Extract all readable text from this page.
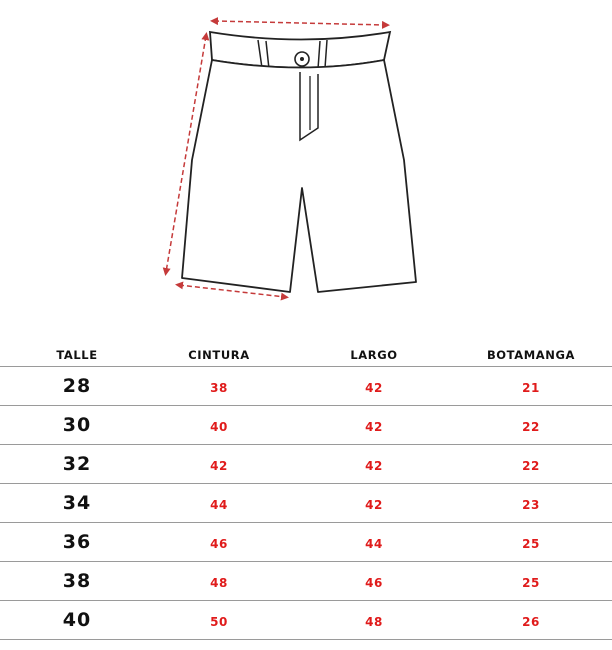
TALLE	CINTURA	LARGO	BOTAMANGA
28	38	42	21
30	40	42	22
32	42	42	22
34	44	42	23
36	46	44	25
38	48	46	25
40	50	48	26
